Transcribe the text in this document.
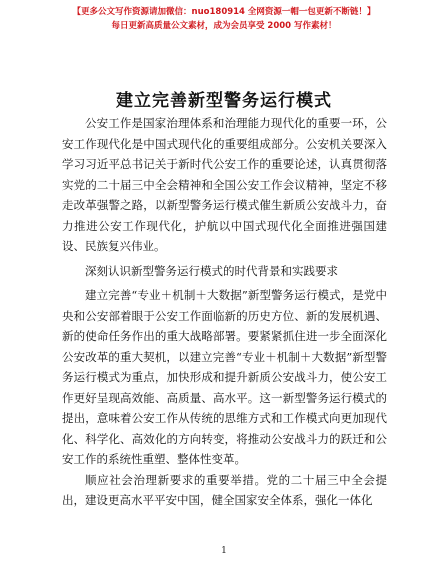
【更多公文写作资源请加微信：nuo180914 全网资源一帽一包更新不断链！】
每日更新高质量公文素材，成为会员享受 2000 写作素材！
建立完善新型警务运行模式

公安工作是国家治理体系和治理能力现代化的重要一环，公安工作现代化是中国式现代化的重要组成部分。公安机关要深入学习习近平总书记关于新时代公安工作的重要论述，认真贯彻落实党的二十届三中全会精神和全国公安工作会议精神，坚定不移走改革强警之路，以新型警务运行模式催生新质公安战斗力，奋力推进公安工作现代化，护航以中国式现代化全面推进强国建设、民族复兴伟业。

深刻认识新型警务运行模式的时代背景和实践要求

建立完善“专业＋机制＋大数据”新型警务运行模式，是党中央和公安部着眼于公安工作面临新的历史方位、新的发展机遇、新的使命任务作出的重大战略部署。要紧紧抓住进一步全面深化公安改革的重大契机，以建立完善“专业＋机制＋大数据”新型警务运行模式为重点，加快形成和提升新质公安战斗力，使公安工作更好呈现高效能、高质量、高水平。这一新型警务运行模式的提出，意味着公安工作从传统的思维方式和工作模式向更加现代化、科学化、高效化的方向转变，将推动公安战斗力的跃迁和公安工作的系统性重塑、整体性变革。

顺应社会治理新要求的重要举措。党的二十届三中全会提出，建设更高水平平安中国，健全国家安全体系，强化一体化

1
